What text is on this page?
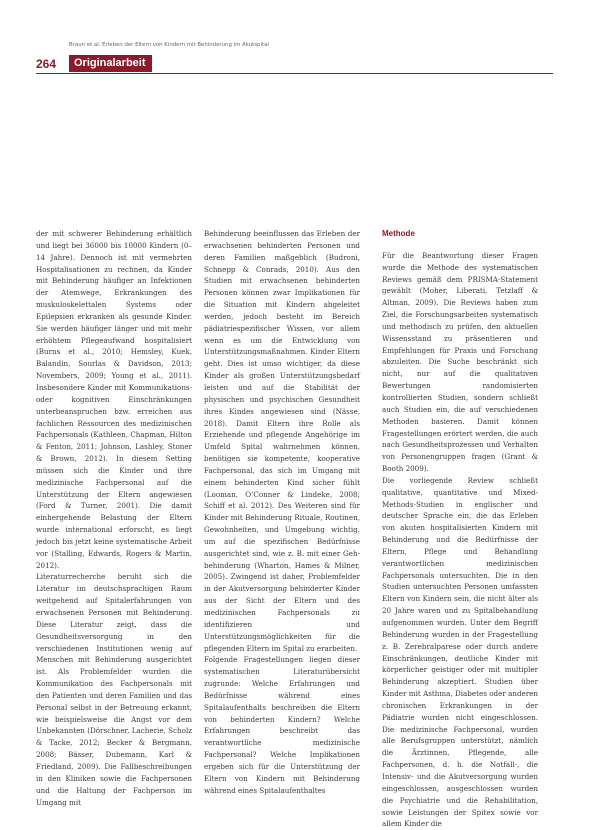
Braun et al. Erleben der Eltern von Kindern mit Behinderung im Akutspital
264	Originalarbeit

der mit schwerer Behinderung erhältlich und liegt bei 36000 bis 10000 Kindern (0–14 Jahre). Dennoch ist mit vermehrten Hospitalisationen zu rechnen, da Kinder mit Behinderung häufiger an Infektionen der Atemwege, Erkrankungen des muskuloskelettalen Systems oder Epilepsien erkranken als gesunde Kinder. Sie werden häufiger länger und mit mehr erhöhtem Pflegeaufwand hospitalisiert (Burns et al., 2010; Hemsley, Kuek, Balandin, Sourlas & Davidson, 2013; Novembers, 2009; Young et al., 2011). Insbesondere Kinder mit Kommunikations- oder kognitiven Einschränkungen unterbeanspruchen bzw. erreichen aus fachlichen Ressourcen des medizinischen Fachpersonals (Kathleen, Chapman, Hilton & Fenton, 2011; Johnson, Lashley, Stoner & Brown, 2012). In diesem Setting müssen sich die Kinder und ihre medizinische Fachpersonal auf die Unterstützung der Eltern angewiesen (Ford & Turner, 2001). Die damit einhergehende Belastung der Eltern wurde international erforscht, es liegt jedoch bis jetzt keine systematische Arbeit vor (Stalling, Edwards, Rogers & Martin, 2012).

Literaturrecherche beruht sich die Literatur im deutschsprachigen Raum weitgehend auf Spitalerfahrungen von erwachsenen Personen mit Behinderung. Diese Literatur zeigt, dass die Gesundheitsversorgung in den verschiedenen Institutionen wenig auf Menschen mit Behinderung ausgerichtet ist. Als Problemfelder wurden die Kommunikation des Fachpersonals mit den Patienten und deren Familien und das Personal selbst in der Betreuung erkannt, wie beispielsweise die Angst vor dem Unbekannten (Dörschner, Lacherie, Scholz & Tacke, 2012; Becker & Bergmann, 2008; Bässer, Dubemann, Karl & Friedland, 2009). Die Fallbeschreibungen in den Kliniken sowie die Fachpersonen und die Haltung der Fachperson im Umgang mit

Behinderung beeinflussen das Erleben der erwachsenen behinderten Personen und deren Familien maßgeblich (Budroni, Schnepp & Conrads, 2010). Aus den Studien mit erwachsenen behinderten Personen können zwar Implikationen für die Situation mit Kindern abgeleitet werden, jedoch besteht im Bereich pädiatriespezifischer Wissen, vor allem wenn es um die Entwicklung von Unterstützungsmaßnahmen. Kinder Eltern geht. Dies ist umso wichtiger, da diese Kinder als großen Unterstützungsbedarf leisten und auf die Stabilität der physischen und psychischen Gesundheit ihres Kindes angewiesen sind (Nässe, 2018). Damit Eltern ihre Rolle als Erziehende und pflegende Angehörige im Umfeld Spital wahrnehmen können, benötigen sie kompetente, kooperative Fachpersonal, das sich im Umgang mit einem behinderten Kind sicher fühlt (Looman, O’Conner & Lindeke, 2008; Schiff et al. 2012). Des Weiteren sind für Kinder mit Behinderung Rituale, Routinen, Gewohnheiten, und Umgebung wichtig, um auf die spezifischen Bedürfnisse ausgerichtet sind, wie z. B. mit einer Geh- behinderung (Wharton, Hames & Milner, 2005). Zwingend ist daher, Problemfelder in der Akutversorgung behinderter Kinder aus der Sicht der Eltern und des medizinischen Fachpersonals zu identifizieren und Unterstützungsmöglichkeiten für die pflegenden Eltern im Spital zu erarbeiten.

Folgende Fragestellungen liegen dieser systematischen Literaturübersicht zugrunde: Welche Erfahrungen und Bedürfnisse während eines Spitalaufenthalts beschreiben die Eltern von behinderten Kindern? Welche Erfahrungen beschreibt das verantwortliche medizinische Fachpersonal? Welche Implikationen ergeben sich für die Unterstützung der Eltern von Kindern mit Behinderung während eines Spitalaufenthaltes

Methode

Für die Beantwortung dieser Fragen wurde die Methode des systematischen Reviews gemäß dem PRISMA-Statement gewählt (Moher, Liberati, Tetzlaff & Altman, 2009). Die Reviews haben zum Ziel, die Forschungsarbeiten systematisch und methodisch zu prüfen, den aktuellen Wissensstand zu präsentieren und Empfehlungen für Praxis und Forschung abzuleiten. Die Suche beschränkt sich nicht, nur auf die qualitativen Bewertungen randomisierten kontrollierten Studien, sondern schließt auch Studien ein, die auf verschiedenen Methoden basieren. Damit können Fragestellungen erörtert werden, die auch nach Gesundheitsprozessen und Verhalten von Personengruppen fragen (Grant & Booth 2009).

Die vorliegende Review schließt qualitative, quantitative und Mixed-Methods-Studien in englischer und deutscher Sprache ein, die das Erleben von akuten hospitalisierten Kindern mit Behinderung und die Bedürfnisse der Eltern, Pflege und Behandlung verantwortlichen medizinischen Fachpersonals untersuchten. Die in den Studien untersuchten Personen umfassten Eltern von Kindern sein, die nicht älter als 20 Jahre waren und zu Spitalbehandlung aufgenommen wurden. Unter dem Begriff Behinderung wurden in der Fragestellung z. B. Zerebralparese oder durch andere Einschränkungen, deutliche Kinder mit körperlicher geistiger oder mit multipler Behinderung akzeptiert. Studien über Kinder mit Asthma, Diabetes oder anderen chronischen Erkrankungen in der Pädiatrie wurden nicht eingeschlossen. Die medizinische Fachpersonal, wurden alle Berufsgruppen unterstützt, nämlich die Ärztinnen, Pflegende, alle Fachpersonen, d. h. die Notfall-, die Intensiv- und die Akutversorgung wurden eingeschlossen, ausgeschlossen wurden die Psychiatrie und die Rehabilitation, sowie Leistungen der Spitex sowie vor allem Kinder die
